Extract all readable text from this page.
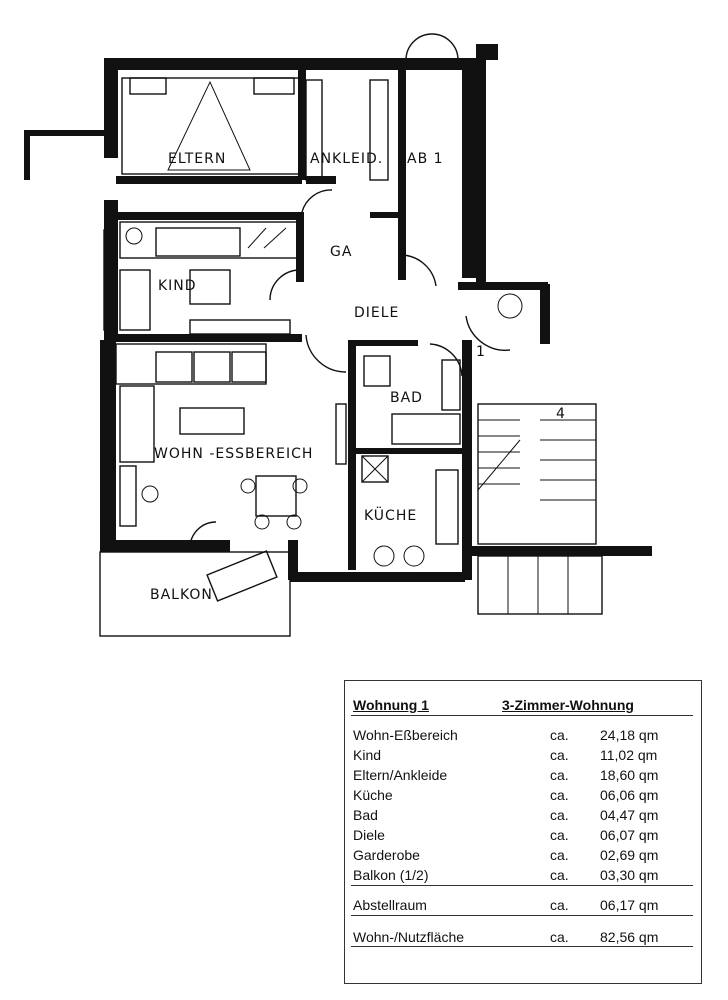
ELTERN	ANKLEID. AB 1
GA
KIND
DIELE
BAD
WOHN -ESSBEREICH
KÜCHE
BALKON
1
4
Wohnung 1	3-Zimmer-Wohnung
Wohn-Eßbereich	ca. 24,18 qm
Kind	ca. 11,02 qm
Eltern/Ankleide	ca. 18,60 qm
Küche	ca. 06,06 qm
Bad	ca. 04,47 qm
Diele	ca. 06,07 qm
Garderobe	ca. 02,69 qm
Balkon (1/2)	ca. 03,30 qm
Abstellraum	ca. 06,17 qm
Wohn-/Nutzfläche	ca. 82,56 qm
